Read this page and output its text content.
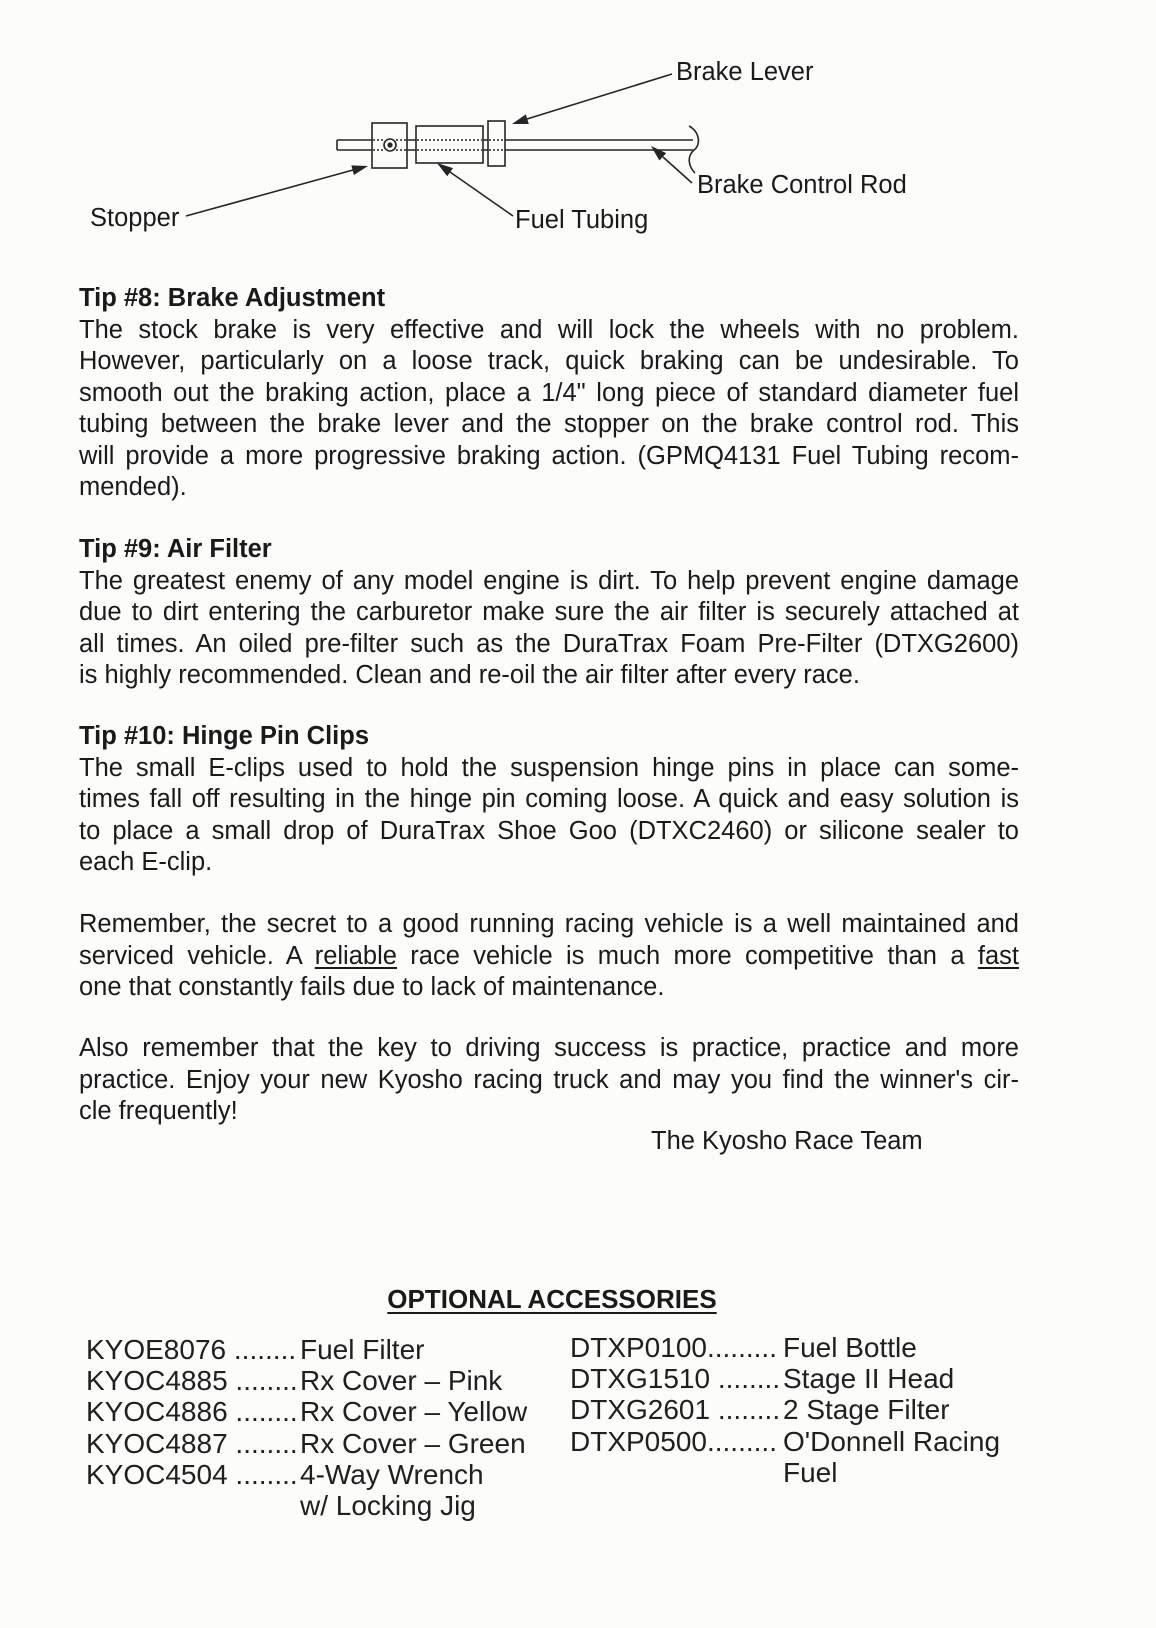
Brake Lever
Brake Control Rod
Stopper	Fuel Tubing
Tip #8: Brake Adjustment
The stock brake is very effective and will lock the wheels with no problem.
However, particularly on a loose track, quick braking can be undesirable. To
smooth out the braking action, place a 1/4" long piece of standard diameter fuel
tubing between the brake lever and the stopper on the brake control rod. This
will provide a more progressive braking action. (GPMQ4131 Fuel Tubing recom-
mended).
Tip #9: Air Filter
The greatest enemy of any model engine is dirt. To help prevent engine damage
due to dirt entering the carburetor make sure the air filter is securely attached at
all times. An oiled pre-filter such as the DuraTrax Foam Pre-Filter (DTXG2600)
is highly recommended. Clean and re-oil the air filter after every race.
Tip #10: Hinge Pin Clips
The small E-clips used to hold the suspension hinge pins in place can some-
times fall off resulting in the hinge pin coming loose. A quick and easy solution is
to place a small drop of DuraTrax Shoe Goo (DTXC2460) or silicone sealer to
each E-clip.
Remember, the secret to a good running racing vehicle is a well maintained and
serviced vehicle. A reliable race vehicle is much more competitive than a fast
one that constantly fails due to lack of maintenance.
Also remember that the key to driving success is practice, practice and more
practice. Enjoy your new Kyosho racing truck and may you find the winner's cir-
cle frequently!
The Kyosho Race Team
OPTIONAL ACCESSORIES
KYOE8076 ........ Fuel Filter
KYOC4885 ........ Rx Cover – Pink
KYOC4886 ........ Rx Cover – Yellow
KYOC4887 ........ Rx Cover – Green
KYOC4504 ........ 4-Way Wrench
w/ Locking Jig
DTXP0100......... Fuel Bottle
DTXG1510 ........ Stage II Head
DTXG2601 ........ 2 Stage Filter
DTXP0500......... O'Donnell Racing
Fuel
